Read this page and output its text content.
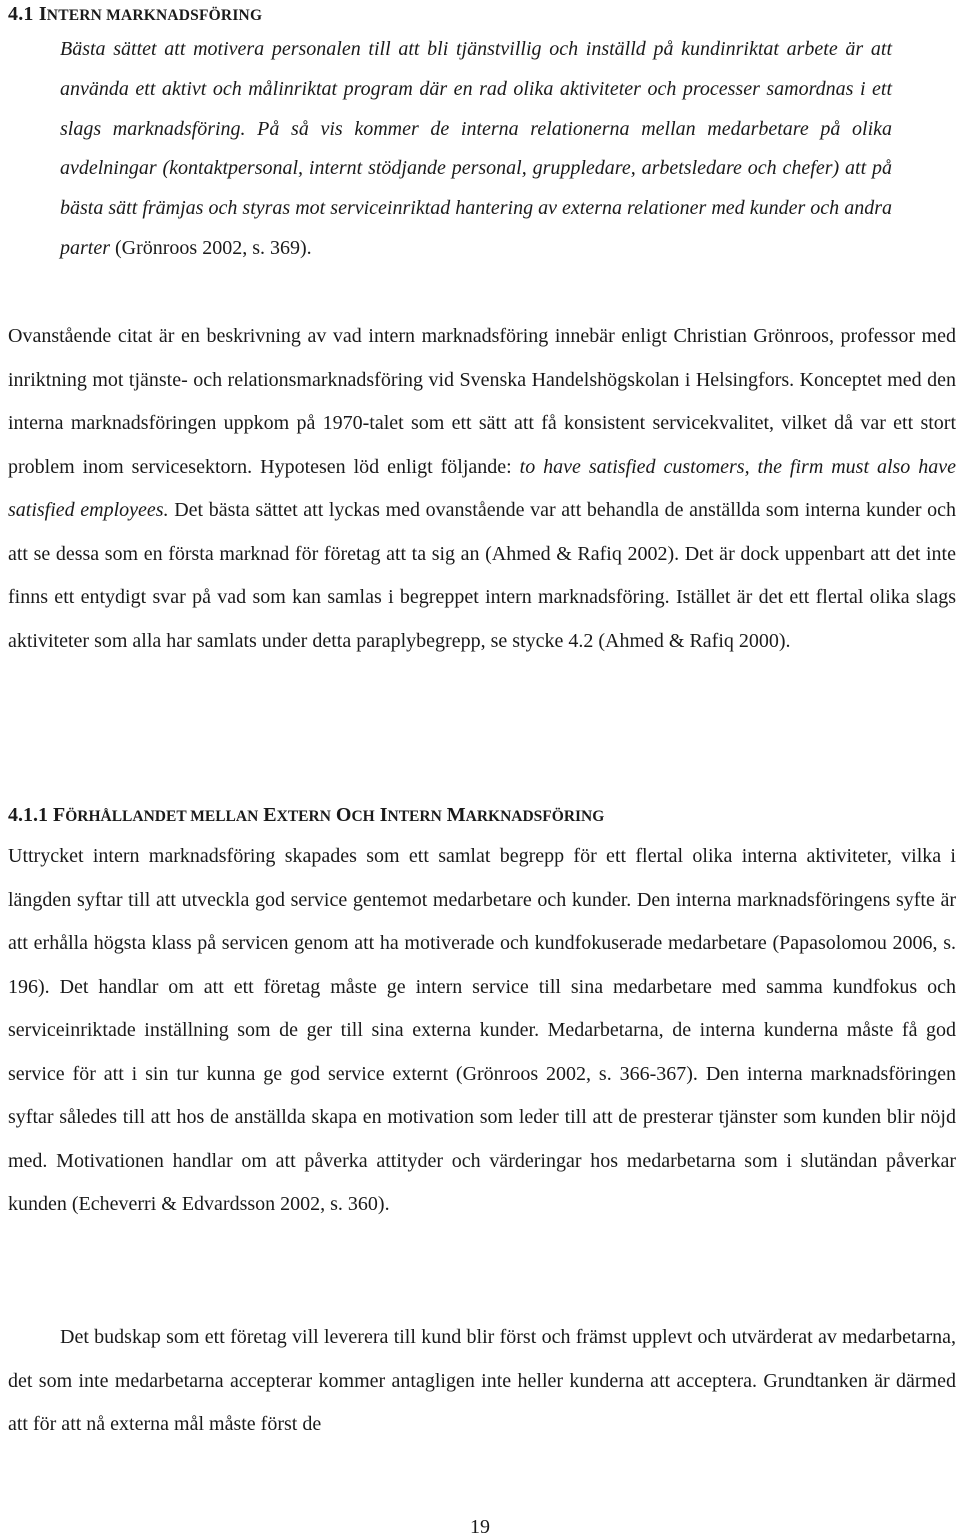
4.1 INTERN MARKNADSFÖRING

Bästa sättet att motivera personalen till att bli tjänstvillig och inställd på kundinriktat arbete är att använda ett aktivt och målinriktat program där en rad olika aktiviteter och processer samordnas i ett slags marknadsföring. På så vis kommer de interna relationerna mellan medarbetare på olika avdelningar (kontaktpersonal, internt stödjande personal, gruppledare, arbetsledare och chefer) att på bästa sätt främjas och styras mot serviceinriktad hantering av externa relationer med kunder och andra parter (Grönroos 2002, s. 369).

Ovanstående citat är en beskrivning av vad intern marknadsföring innebär enligt Christian Grönroos, professor med inriktning mot tjänste- och relationsmarknadsföring vid Svenska Handelshögskolan i Helsingfors. Konceptet med den interna marknadsföringen uppkom på 1970-talet som ett sätt att få konsistent servicekvalitet, vilket då var ett stort problem inom servicesektorn. Hypotesen löd enligt följande: to have satisfied customers, the firm must also have satisfied employees. Det bästa sättet att lyckas med ovanstående var att behandla de anställda som interna kunder och att se dessa som en första marknad för företag att ta sig an (Ahmed & Rafiq 2002). Det är dock uppenbart att det inte finns ett entydigt svar på vad som kan samlas i begreppet intern marknadsföring. Istället är det ett flertal olika slags aktiviteter som alla har samlats under detta paraplybegrepp, se stycke 4.2 (Ahmed & Rafiq 2000).

4.1.1 FÖRHÅLLANDET MELLAN EXTERN OCH INTERN MARKNADSFÖRING

Uttrycket intern marknadsföring skapades som ett samlat begrepp för ett flertal olika interna aktiviteter, vilka i längden syftar till att utveckla god service gentemot medarbetare och kunder. Den interna marknadsföringens syfte är att erhålla högsta klass på servicen genom att ha motiverade och kundfokuserade medarbetare (Papasolomou 2006, s. 196). Det handlar om att ett företag måste ge intern service till sina medarbetare med samma kundfokus och serviceinriktade inställning som de ger till sina externa kunder. Medarbetarna, de interna kunderna måste få god service för att i sin tur kunna ge god service externt (Grönroos 2002, s. 366-367). Den interna marknadsföringen syftar således till att hos de anställda skapa en motivation som leder till att de presterar tjänster som kunden blir nöjd med. Motivationen handlar om att påverka attityder och värderingar hos medarbetarna som i slutändan påverkar kunden (Echeverri & Edvardsson 2002, s. 360).

Det budskap som ett företag vill leverera till kund blir först och främst upplevt och utvärderat av medarbetarna, det som inte medarbetarna accepterar kommer antagligen inte heller kunderna att acceptera. Grundtanken är därmed att för att nå externa mål måste först de

19
